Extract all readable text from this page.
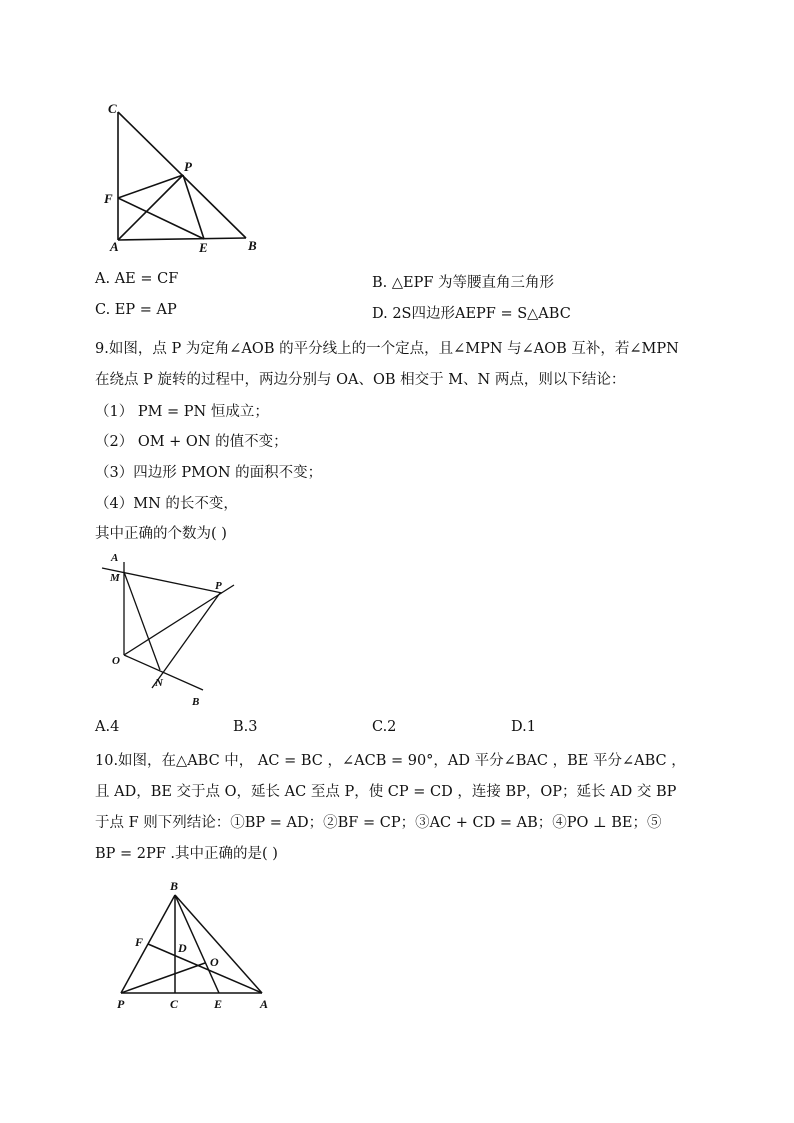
C
P
F
A	E	B
A. AE = CF	B. △EPF 为等腰直角三角形
C. EP = AP	D. 2S四边形AEPF = S△ABC
9.如图，点 P 为定角∠AOB 的平分线上的一个定点，且∠MPN 与∠AOB 互补，若∠MPN
在绕点 P 旋转的过程中，两边分别与 OA、OB 相交于 M、N 两点，则以下结论：
（1） PM = PN 恒成立；
（2） OM + ON 的值不变；
（3）四边形 PMON 的面积不变；
（4）MN 的长不变，
其中正确的个数为( )
A
M
P
O
N
B
A.4	B.3	C.2	D.1
10.如图，在△ABC 中， AC = BC ，∠ACB = 90°，AD 平分∠BAC ，BE 平分∠ABC ，
且 AD，BE 交于点 O，延长 AC 至点 P，使 CP = CD ，连接 BP，OP；延长 AD 交 BP
于点 F 则下列结论：①BP = AD；②BF = CP；③AC + CD = AB；④PO ⊥ BE；⑤
BP = 2PF .其中正确的是( )
B
F	D
O
P	C	E	A
